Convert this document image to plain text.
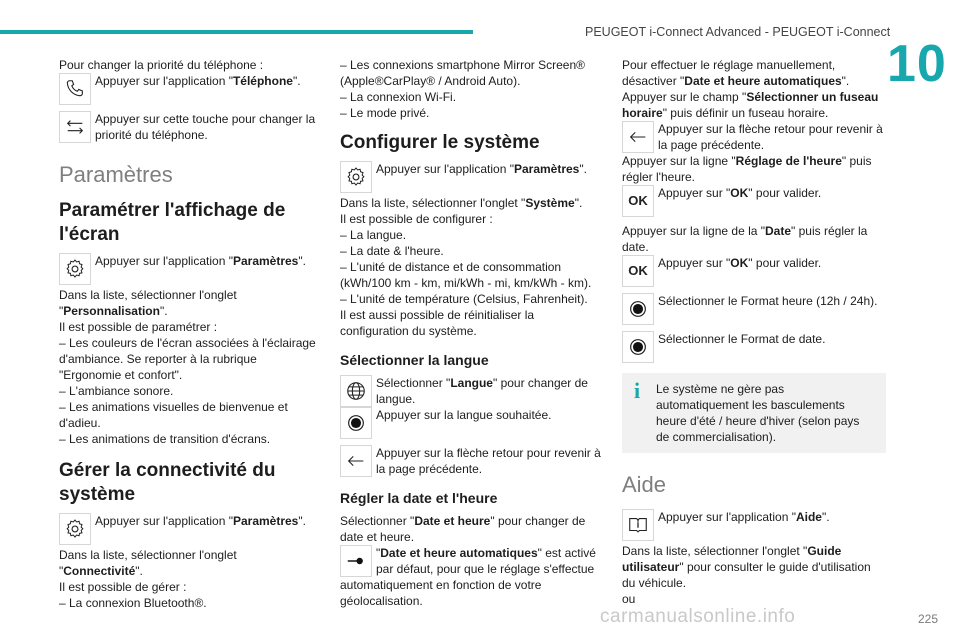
PEUGEOT i-Connect Advanced - PEUGEOT i-Connect
10

Pour changer la priorité du téléphone :

Appuyer sur l'application "Téléphone".

Appuyer sur cette touche pour changer la priorité du téléphone.

Paramètres
Paramétrer l'affichage de l'écran

Appuyer sur l'application "Paramètres".

Dans la liste, sélectionner l'onglet

"Personnalisation".

Il est possible de paramétrer :

– Les couleurs de l'écran associées à l'éclairage d'ambiance. Se reporter à la rubrique "Ergonomie et confort".

– L'ambiance sonore.

– Les animations visuelles de bienvenue et d'adieu.

– Les animations de transition d'écrans.

Gérer la connectivité du système

Appuyer sur l'application "Paramètres".

Dans la liste, sélectionner l'onglet

"Connectivité".

Il est possible de gérer :

– La connexion Bluetooth®.

– Les connexions smartphone Mirror Screen® (Apple®CarPlay® / Android Auto).

– La connexion Wi-Fi.

– Le mode privé.

Configurer le système

Appuyer sur l'application "Paramètres".

Dans la liste, sélectionner l'onglet "Système".

Il est possible de configurer :

– La langue.

– La date & l'heure.

– L'unité de distance et de consommation (kWh/100 km - km, mi/kWh - mi, km/kWh - km).

– L'unité de température (Celsius, Fahrenheit).

Il est aussi possible de réinitialiser la configuration du système.

Sélectionner la langue

Sélectionner "Langue" pour changer de langue.

Appuyer sur la langue souhaitée.

Appuyer sur la flèche retour pour revenir à la page précédente.

Régler la date et l'heure

Sélectionner "Date et heure" pour changer de date et heure.

"Date et heure automatiques" est activé par défaut, pour que le réglage s'effectue automatiquement en fonction de votre géolocalisation.

Pour effectuer le réglage manuellement, désactiver "Date et heure automatiques".

Appuyer sur le champ "Sélectionner un fuseau horaire" puis définir un fuseau horaire.

Appuyer sur la flèche retour pour revenir à la page précédente.

Appuyer sur la ligne "Réglage de l'heure" puis régler l'heure.

OK Appuyer sur "OK" pour valider.

Appuyer sur la ligne de la "Date" puis régler la date.

OK Appuyer sur "OK" pour valider.

Sélectionner le Format heure (12h / 24h).

Sélectionner le Format de date.

i	Le système ne gère pas automatiquement les basculements heure d'été / heure d'hiver (selon pays de commercialisation).

Aide

Appuyer sur l'application "Aide".

Dans la liste, sélectionner l'onglet "Guide utilisateur" pour consulter le guide d'utilisation du véhicule.

ou

carmanualsonline.info	225
